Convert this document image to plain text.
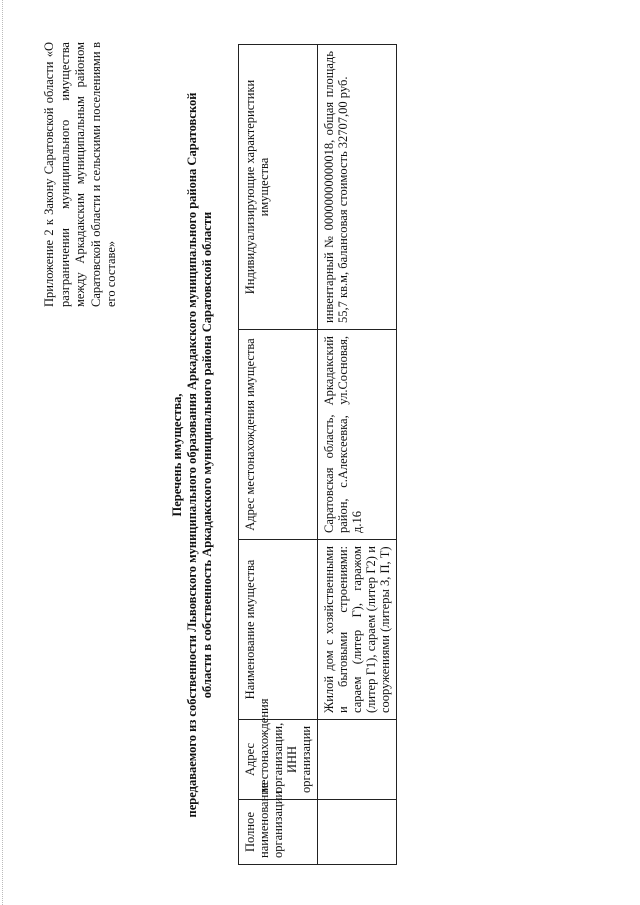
Приложение 2 к Закону Саратовской области «О разграничении муниципального имущества между Аркадакским муниципальным районом Саратовской области и сельскими поселениями в его составе»
Перечень имущества, передаваемого из собственности Львовского муниципального образования Аркадакского муниципального района Саратовской области в собственность Аркадакского муниципального района Саратовской области
Полное наименование организации	Адрес местонахождения организации, ИНН организации	Наименование имущества	Адрес местонахождения имущества	Индивидуализирующие характеристики имущества
		Жилой дом с хозяйственными и бытовыми строениями: сараем (литер Г), гаражом (литер Г1), сараем (литер Г2) и сооружениями (литеры З, П, Т)	Саратовская область, Аркадакский район, с.Алексеевка, ул.Сосновая, д.16	инвентарный № 00000000000018, общая площадь 55,7 кв.м, балансовая стоимость 32707,00 руб.
